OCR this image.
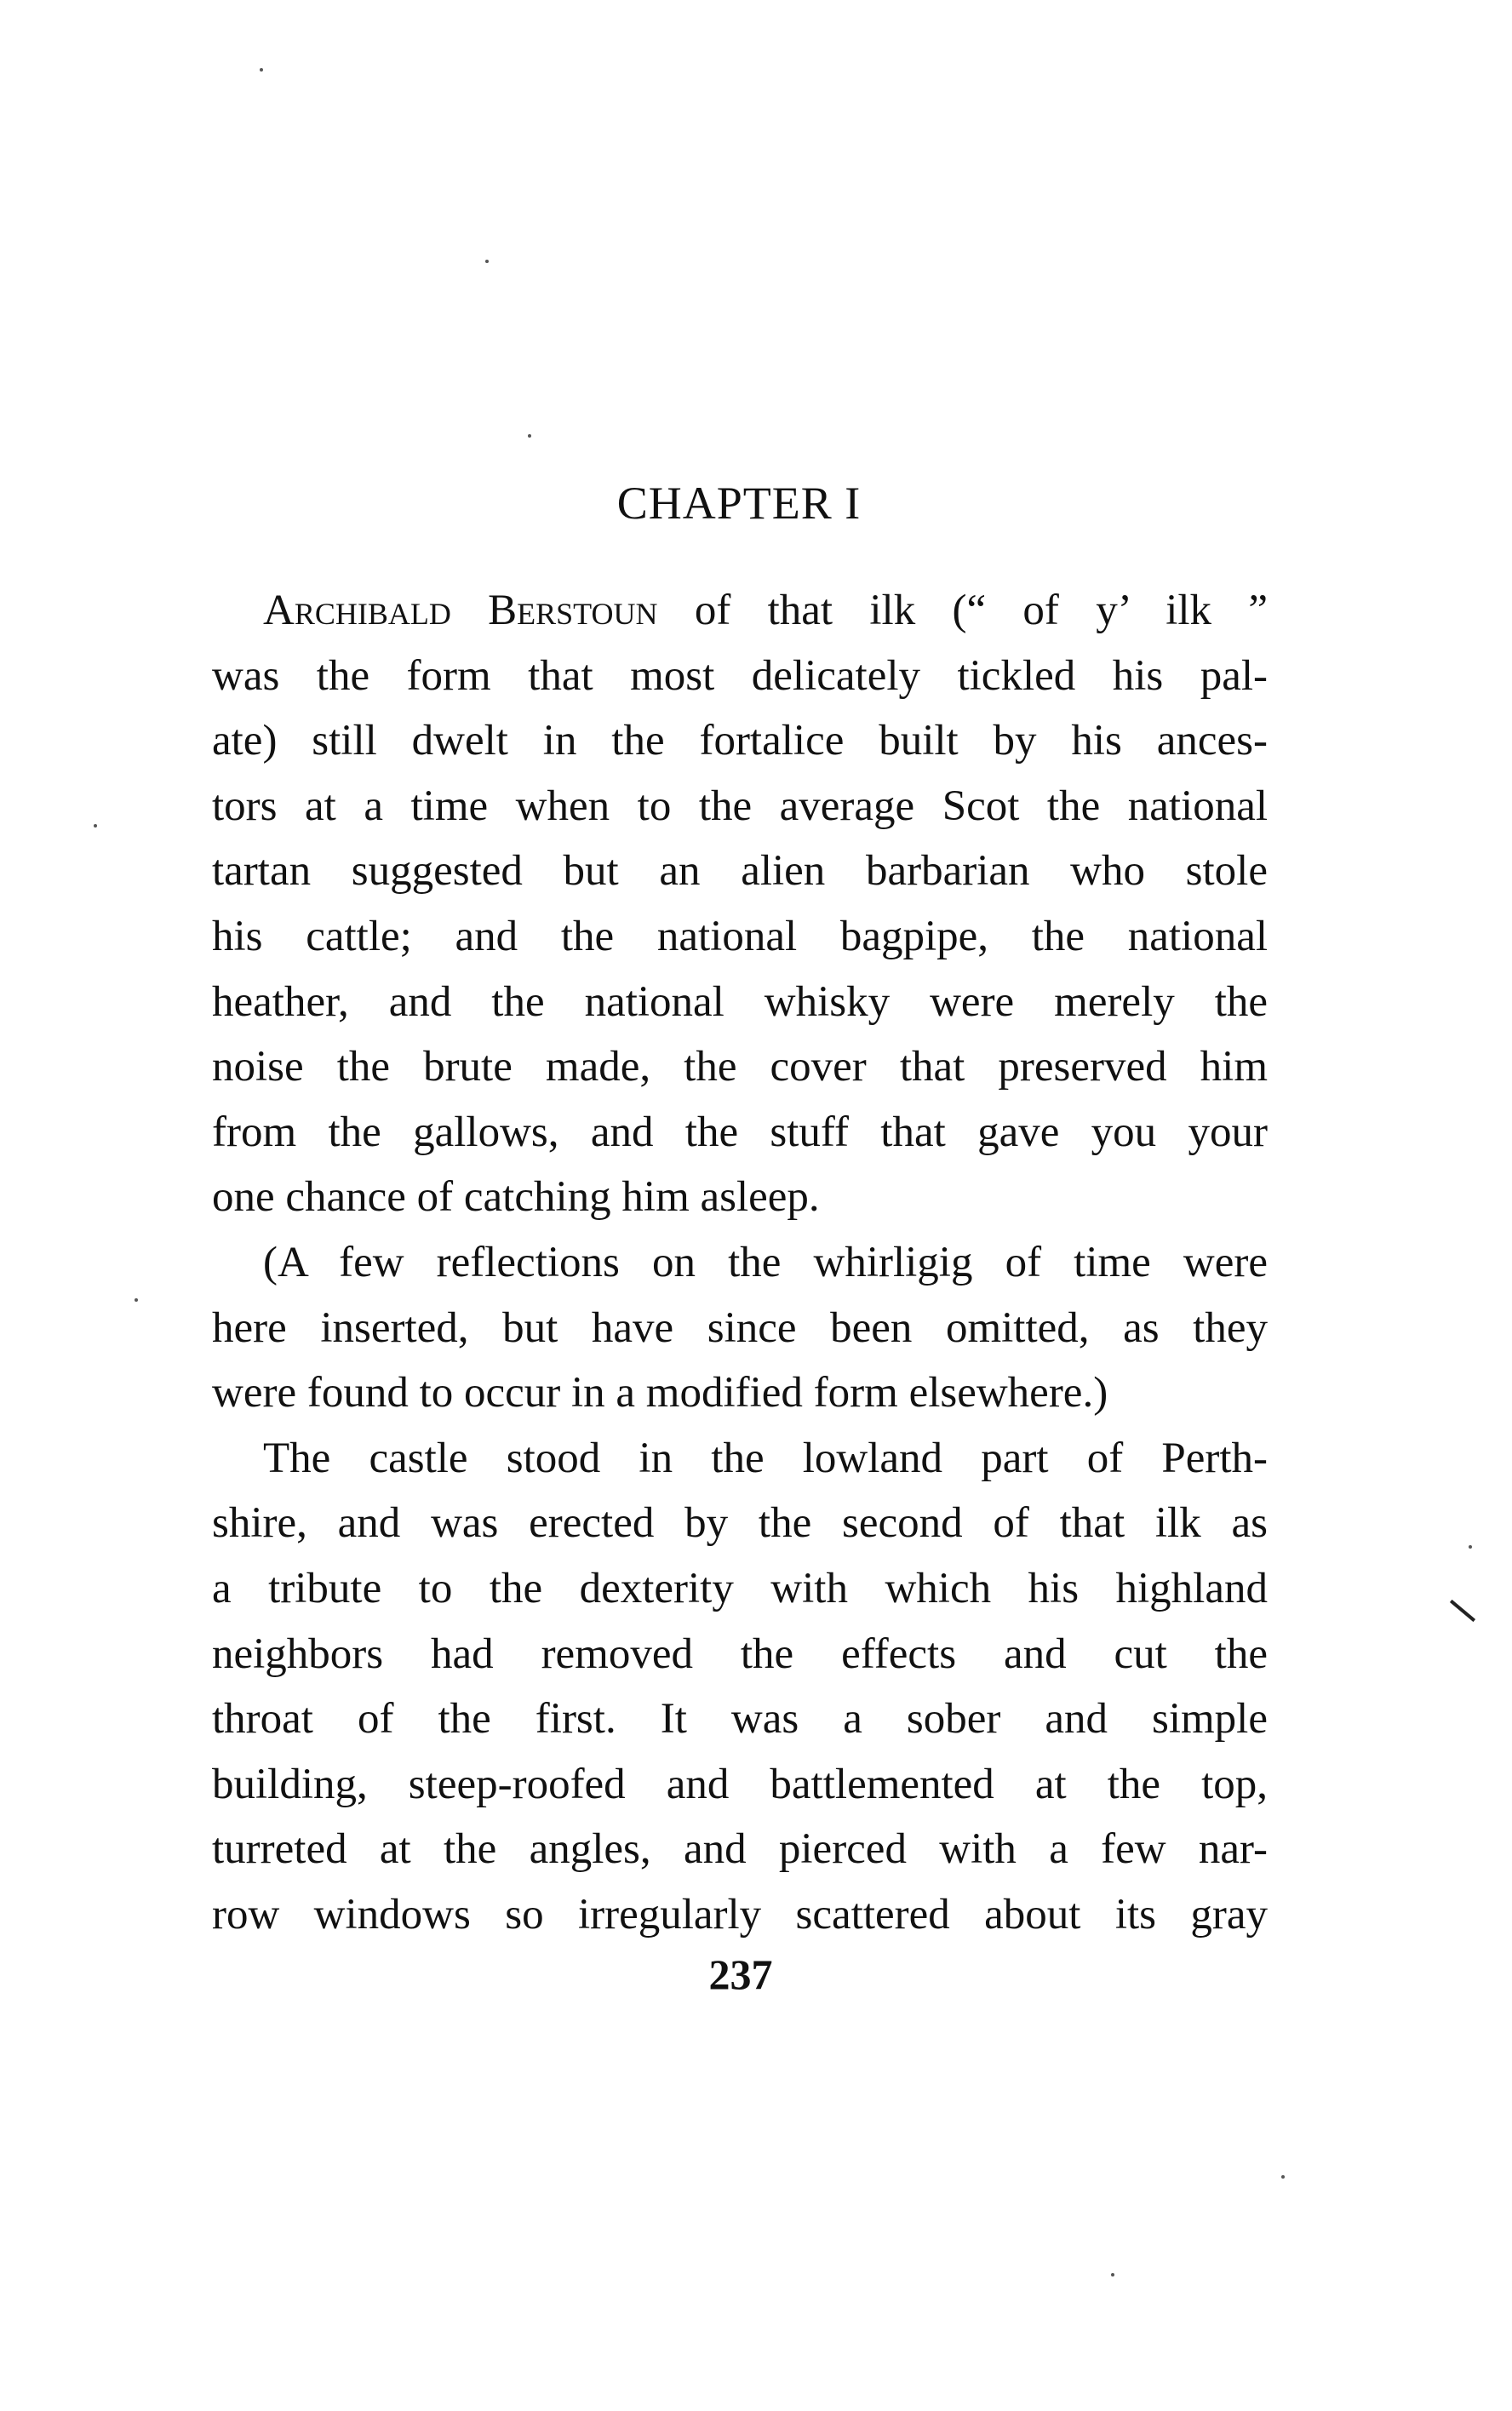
CHAPTER I
Archibald Berstoun of that ilk (“ of y’ ilk ”
was the form that most delicately tickled his pal-
ate) still dwelt in the fortalice built by his ances-
tors at a time when to the average Scot the national
tartan suggested but an alien barbarian who stole
his cattle; and the national bagpipe, the national
heather, and the national whisky were merely the
noise the brute made, the cover that preserved him
from the gallows, and the stuff that gave you your
one chance of catching him asleep.
(A few reflections on the whirligig of time were
here inserted, but have since been omitted, as they
were found to occur in a modified form elsewhere.)
The castle stood in the lowland part of Perth-
shire, and was erected by the second of that ilk as
a tribute to the dexterity with which his highland
neighbors had removed the effects and cut the
throat of the first. It was a sober and simple
building, steep-roofed and battlemented at the top,
turreted at the angles, and pierced with a few nar-
row windows so irregularly scattered about its gray
237
